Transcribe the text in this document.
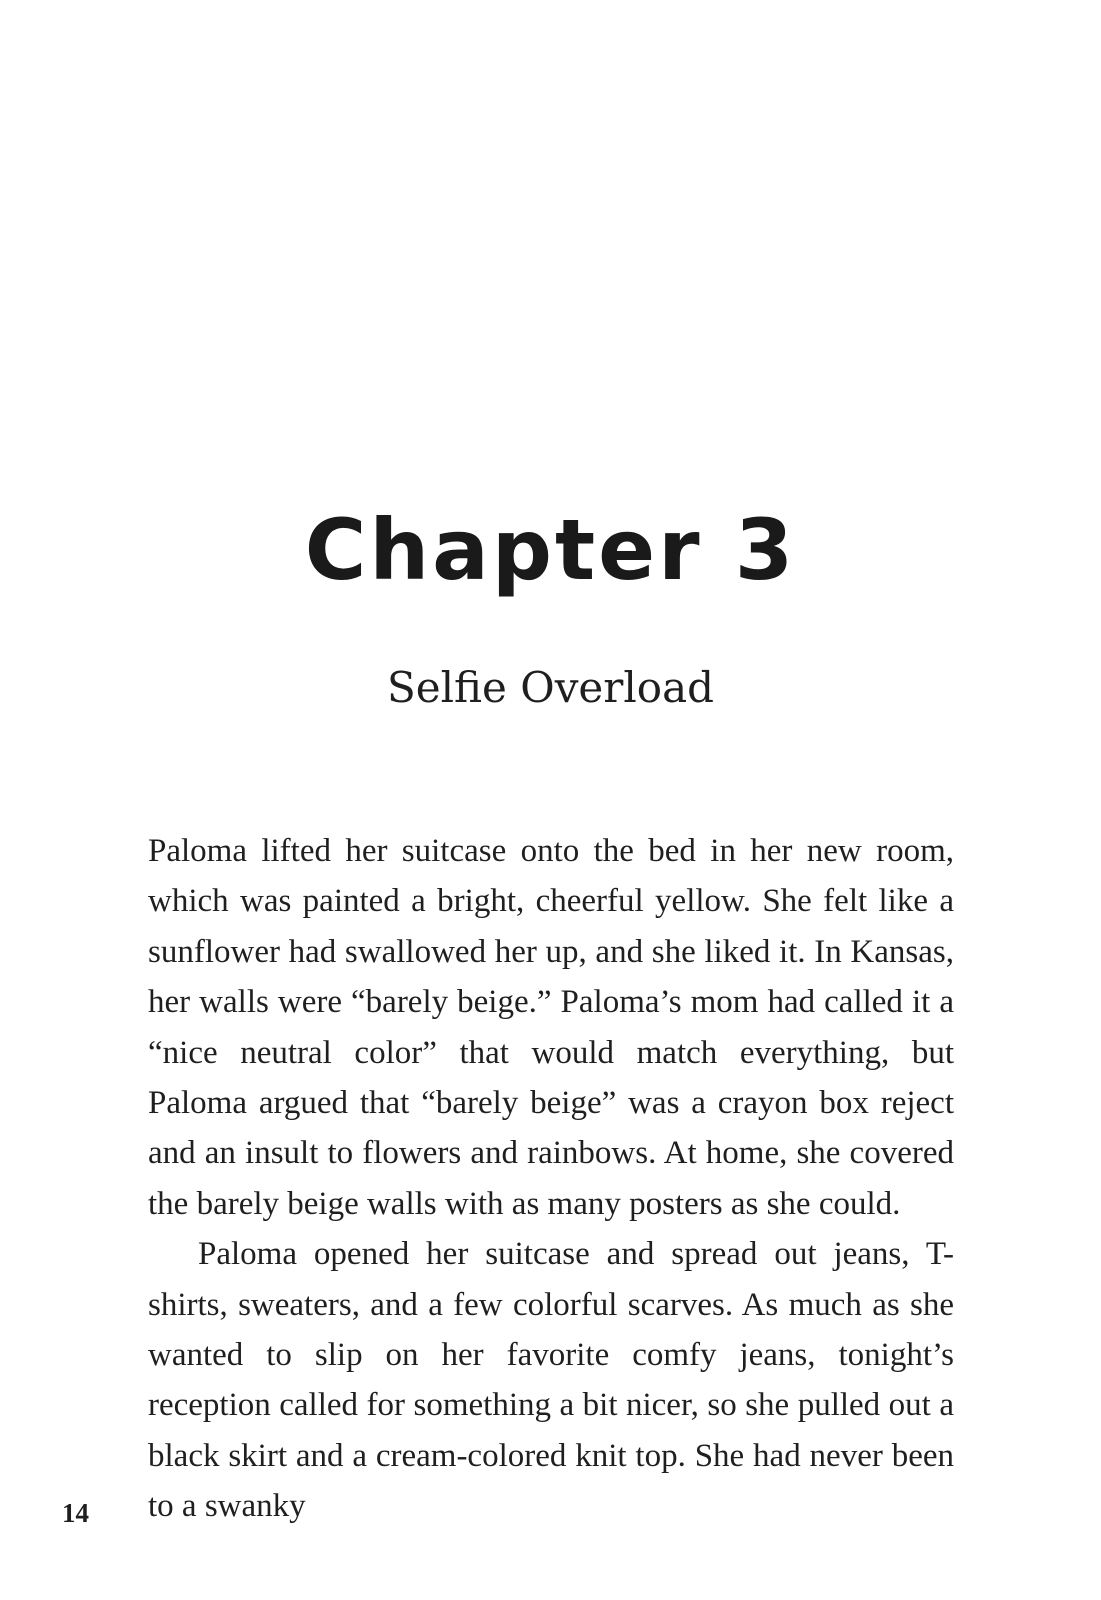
Chapter 3
Selfie Overload

Paloma lifted her suitcase onto the bed in her new room, which was painted a bright, cheerful yellow. She felt like a sunflower had swallowed her up, and she liked it. In Kansas, her walls were “barely beige.” Paloma’s mom had called it a “nice neutral color” that would match everything, but Paloma argued that “barely beige” was a crayon box reject and an insult to flowers and rainbows. At home, she covered the barely beige walls with as many posters as she could.

Paloma opened her suitcase and spread out jeans, T-shirts, sweaters, and a few colorful scarves. As much as she wanted to slip on her favorite comfy jeans, tonight’s reception called for something a bit nicer, so she pulled out a black skirt and a cream-colored knit top. She had never been to a swanky

14
